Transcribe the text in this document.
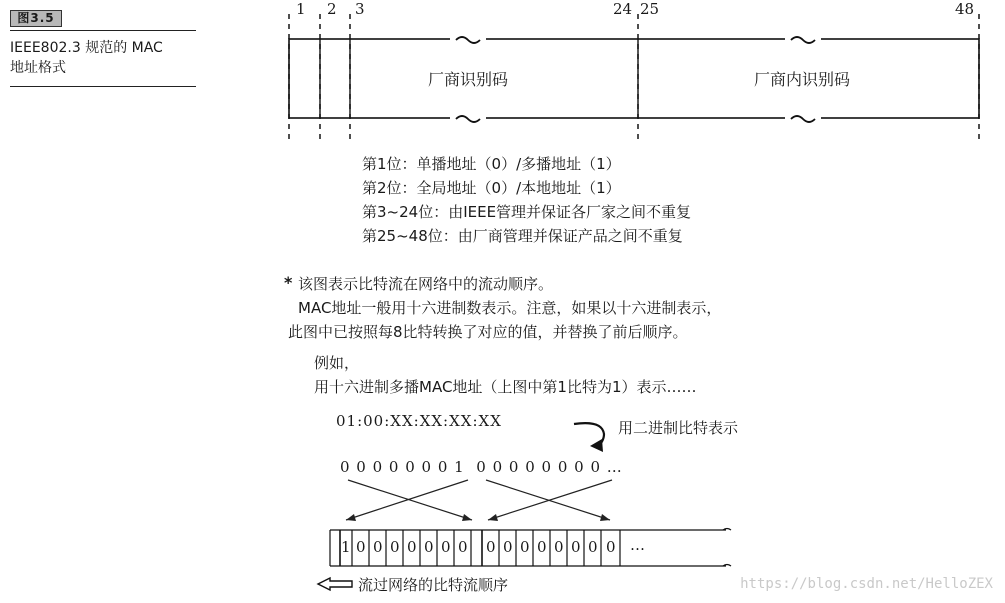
图3.5
IEEE802.3 规范的 MAC
地址格式
1 2 3	24 25	48
厂商识别码	厂商内识别码
第1位：单播地址（0）/多播地址（1）
第2位：全局地址（0）/本地地址（1）
第3~24位：由IEEE管理并保证各厂家之间不重复
第25~48位：由厂商管理并保证产品之间不重复
* 该图表示比特流在网络中的流动顺序。
MAC地址一般用十六进制数表示。注意，如果以十六进制表示，
此图中已按照每8比特转换了对应的值，并替换了前后顺序。
例如，
用十六进制多播MAC地址（上图中第1比特为1）表示……
01:00:XX:XX:XX:XX	用二进制比特表示
0 0 0 0 0 0 0 1  0 0 0 0 0 0 0 0 …
1 0 0 0 0 0 0 0 0 0 0 0 0 0 0 0 …
流过网络的比特流顺序	https://blog.csdn.net/HelloZEX
